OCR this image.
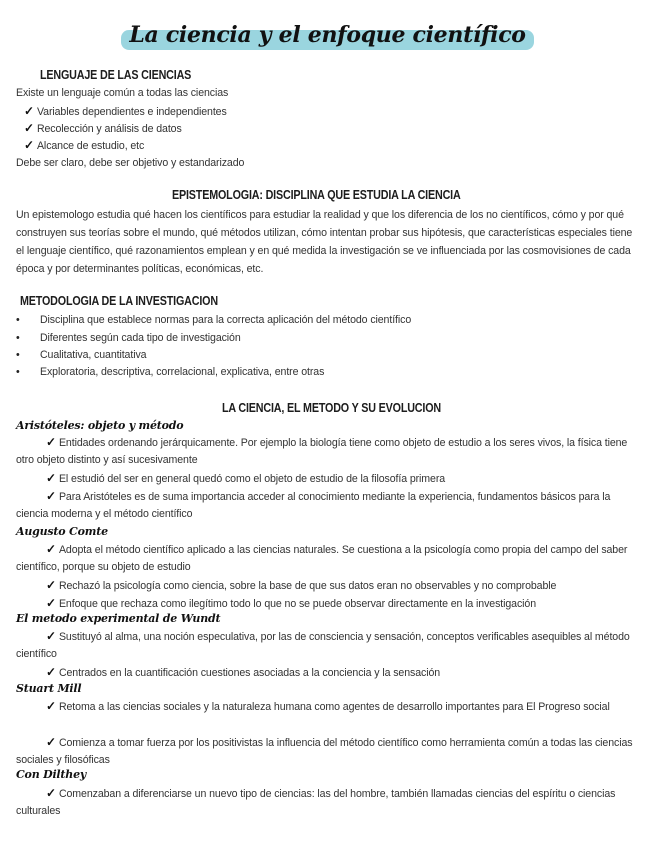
La ciencia y el enfoque científico
LENGUAJE DE LAS CIENCIAS
Existe un lenguaje común a todas las ciencias
✓ Variables dependientes e independientes
✓ Recolección y análisis de datos
✓ Alcance de estudio, etc
Debe ser claro, debe ser objetivo y estandarizado
EPISTEMOLOGIA: DISCIPLINA QUE ESTUDIA LA CIENCIA
Un epistemologo estudia qué hacen los científicos para estudiar la realidad y que los diferencia de los no científicos, cómo y por qué construyen sus teorías sobre el mundo, qué métodos utilizan, cómo intentan probar sus hipótesis, que características especiales tiene el lenguaje científico, qué razonamientos emplean y en qué medida la investigación se ve influenciada por las cosmovisiones de cada época y por determinantes políticas, económicas, etc.
METODOLOGIA DE LA INVESTIGACION
• Disciplina que establece normas para la correcta aplicación del método científico
• Diferentes según cada tipo de investigación
• Cualitativa, cuantitativa
• Exploratoria, descriptiva, correlacional, explicativa, entre otras
LA CIENCIA, EL METODO Y SU EVOLUCION
Aristóteles: objeto y método
✓ Entidades ordenando jerárquicamente. Por ejemplo la biología tiene como objeto de estudio a los seres vivos, la física tiene otro objeto distinto y así sucesivamente
✓ El estudió del ser en general quedó como el objeto de estudio de la filosofía primera
✓ Para Aristóteles es de suma importancia acceder al conocimiento mediante la experiencia, fundamentos básicos para la ciencia moderna y el método científico
Augusto Comte
✓ Adopta el método científico aplicado a las ciencias naturales. Se cuestiona a la psicología como propia del campo del saber científico, porque su objeto de estudio
✓ Rechazó la psicología como ciencia, sobre la base de que sus datos eran no observables y no comprobable
✓ Enfoque que rechaza como ilegítimo todo lo que no se puede observar directamente en la investigación
El metodo experimental de Wundt
✓ Sustituyó al alma, una noción especulativa, por las de consciencia y sensación, conceptos verificables asequibles al método científico
✓ Centrados en la cuantificación cuestiones asociadas a la conciencia y la sensación
Stuart Mill
✓ Retoma a las ciencias sociales y la naturaleza humana como agentes de desarrollo importantes para El Progreso social
✓ Comienza a tomar fuerza por los positivistas la influencia del método científico como herramienta común a todas las ciencias sociales y filosóficas
Con Dilthey
✓ Comenzaban a diferenciarse un nuevo tipo de ciencias: las del hombre, también llamadas ciencias del espíritu o ciencias culturales
